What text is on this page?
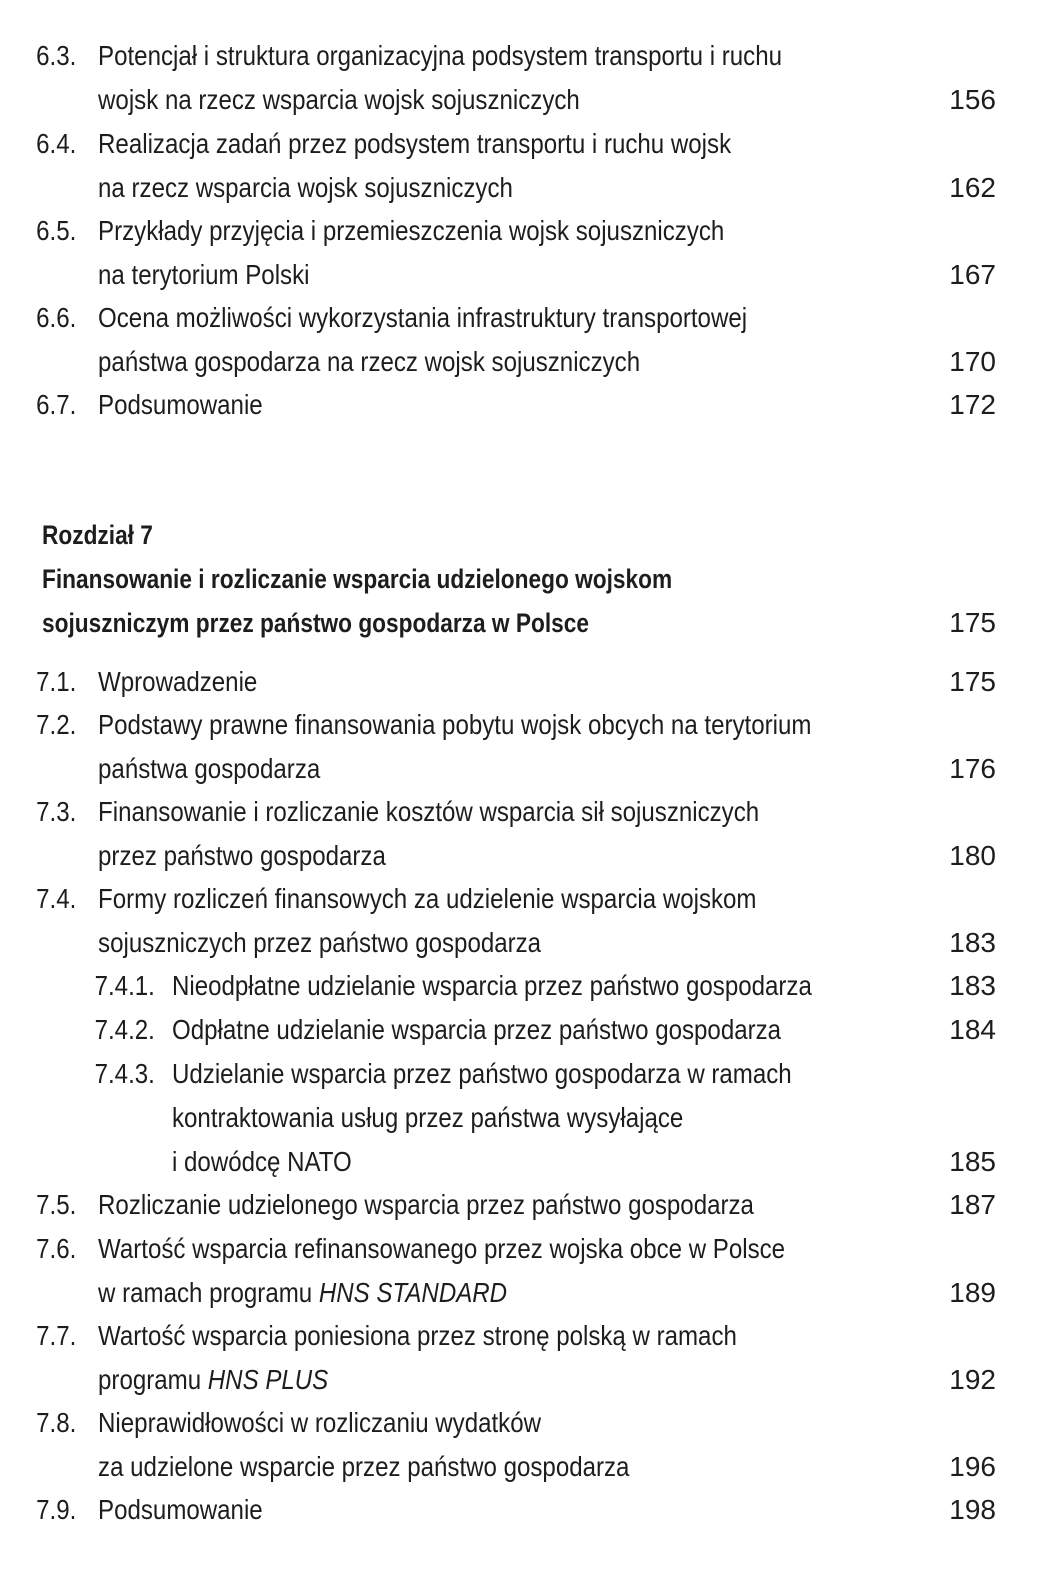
6.3. Potencjał i struktura organizacyjna podsystem transportu i ruchu
wojsk na rzecz wsparcia wojsk sojuszniczych	156
6.4. Realizacja zadań przez podsystem transportu i ruchu wojsk
na rzecz wsparcia wojsk sojuszniczych	162
6.5. Przykłady przyjęcia i przemieszczenia wojsk sojuszniczych
na terytorium Polski	167
6.6. Ocena możliwości wykorzystania infrastruktury transportowej
państwa gospodarza na rzecz wojsk sojuszniczych	170
6.7. Podsumowanie	172
Rozdział 7
Finansowanie i rozliczanie wsparcia udzielonego wojskom
sojuszniczym przez państwo gospodarza w Polsce	175
7.1. Wprowadzenie	175
7.2. Podstawy prawne finansowania pobytu wojsk obcych na terytorium
państwa gospodarza	176
7.3. Finansowanie i rozliczanie kosztów wsparcia sił sojuszniczych
przez państwo gospodarza	180
7.4. Formy rozliczeń finansowych za udzielenie wsparcia wojskom
sojuszniczych przez państwo gospodarza	183
7.4.1. Nieodpłatne udzielanie wsparcia przez państwo gospodarza	183
7.4.2. Odpłatne udzielanie wsparcia przez państwo gospodarza	184
7.4.3. Udzielanie wsparcia przez państwo gospodarza w ramach
kontraktowania usług przez państwa wysyłające
i dowódcę NATO	185
7.5. Rozliczanie udzielonego wsparcia przez państwo gospodarza	187
7.6. Wartość wsparcia refinansowanego przez wojska obce w Polsce
w ramach programu HNS STANDARD	189
7.7. Wartość wsparcia poniesiona przez stronę polską w ramach
programu HNS PLUS	192
7.8. Nieprawidłowości w rozliczaniu wydatków
za udzielone wsparcie przez państwo gospodarza	196
7.9. Podsumowanie	198
